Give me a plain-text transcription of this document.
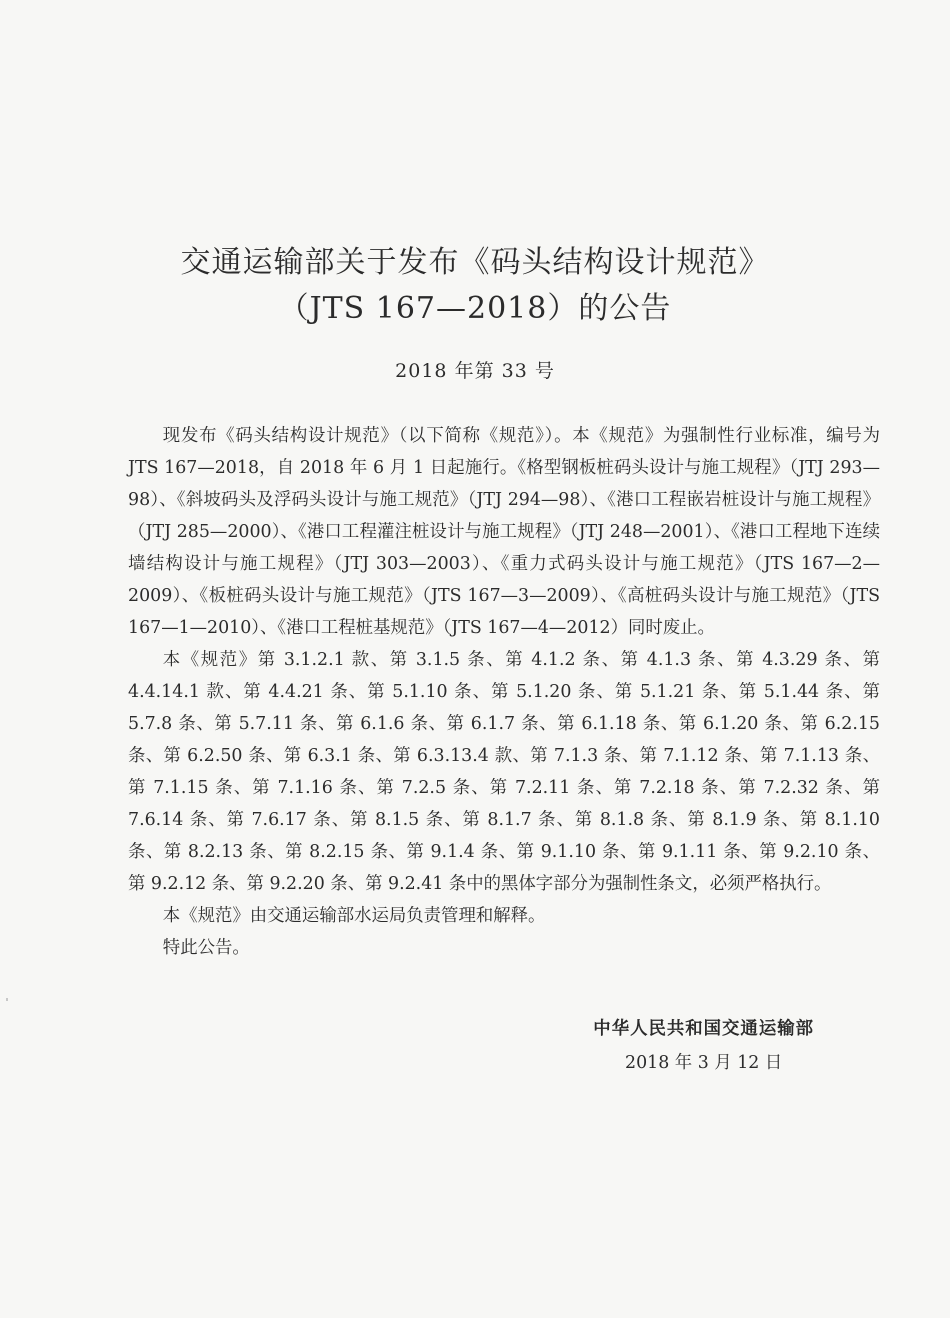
交通运输部关于发布《码头结构设计规范》
（JTS 167—2018）的公告
2018 年第 33 号

现发布《码头结构设计规范》（以下简称《规范》）。本《规范》为强制性行业标准，编号为 JTS 167—2018，自 2018 年 6 月 1 日起施行。《格型钢板桩码头设计与施工规程》（JTJ 293—98）、《斜坡码头及浮码头设计与施工规范》（JTJ 294—98）、《港口工程嵌岩桩设计与施工规程》（JTJ 285—2000）、《港口工程灌注桩设计与施工规程》（JTJ 248—2001）、《港口工程地下连续墙结构设计与施工规程》（JTJ 303—2003）、《重力式码头设计与施工规范》（JTS 167—2—2009）、《板桩码头设计与施工规范》（JTS 167—3—2009）、《高桩码头设计与施工规范》（JTS 167—1—2010）、《港口工程桩基规范》（JTS 167—4—2012）同时废止。

本《规范》第 3.1.2.1 款、第 3.1.5 条、第 4.1.2 条、第 4.1.3 条、第 4.3.29 条、第 4.4.14.1 款、第 4.4.21 条、第 5.1.10 条、第 5.1.20 条、第 5.1.21 条、第 5.1.44 条、第 5.7.8 条、第 5.7.11 条、第 6.1.6 条、第 6.1.7 条、第 6.1.18 条、第 6.1.20 条、第 6.2.15 条、第 6.2.50 条、第 6.3.1 条、第 6.3.13.4 款、第 7.1.3 条、第 7.1.12 条、第 7.1.13 条、第 7.1.15 条、第 7.1.16 条、第 7.2.5 条、第 7.2.11 条、第 7.2.18 条、第 7.2.32 条、第 7.6.14 条、第 7.6.17 条、第 8.1.5 条、第 8.1.7 条、第 8.1.8 条、第 8.1.9 条、第 8.1.10 条、第 8.2.13 条、第 8.2.15 条、第 9.1.4 条、第 9.1.10 条、第 9.1.11 条、第 9.2.10 条、第 9.2.12 条、第 9.2.20 条、第 9.2.41 条中的黑体字部分为强制性条文，必须严格执行。

本《规范》由交通运输部水运局负责管理和解释。

特此公告。

中华人民共和国交通运输部
2018 年 3 月 12 日
